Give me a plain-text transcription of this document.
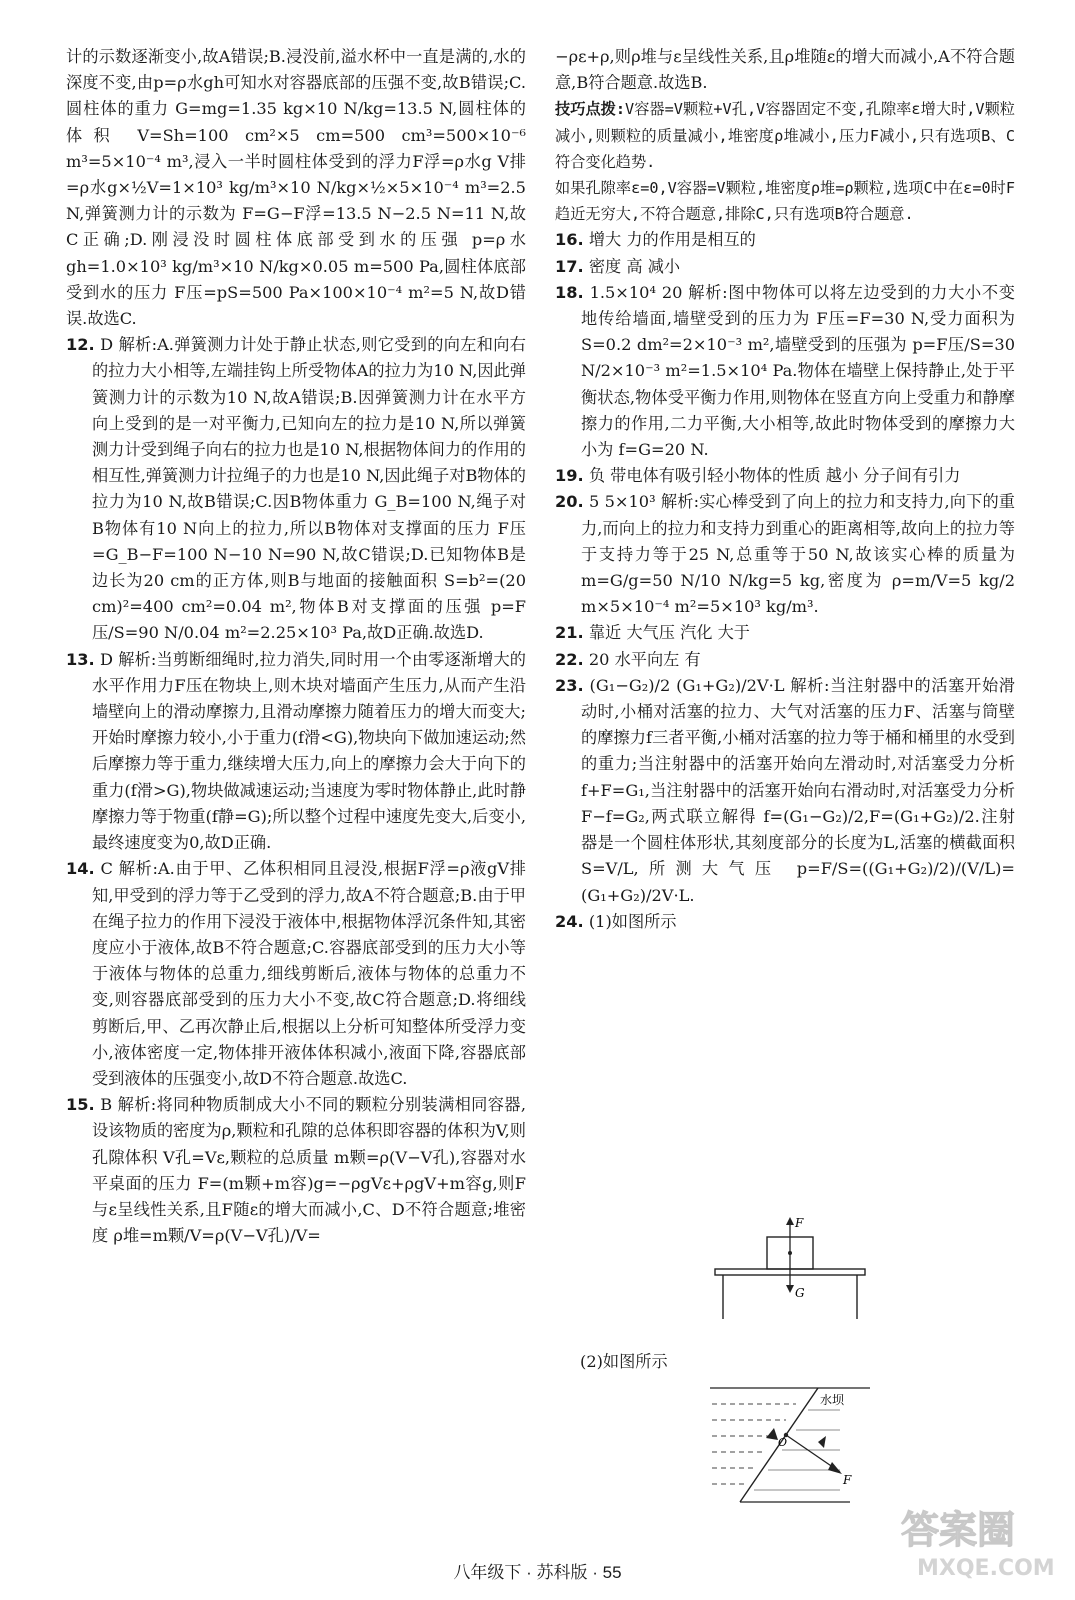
计的示数逐渐变小,故A错误;B.浸没前,溢水杯中一直是满的,水的深度不变,由p=ρ水gh可知水对容器底部的压强不变,故B错误;C.圆柱体的重力 G=mg=1.35 kg×10 N/kg=13.5 N,圆柱体的体积 V=Sh=100 cm²×5 cm=500 cm³=500×10⁻⁶ m³=5×10⁻⁴ m³,浸入一半时圆柱体受到的浮力F浮=ρ水g V排=ρ水g×½V=1×10³ kg/m³×10 N/kg×½×5×10⁻⁴ m³=2.5 N,弹簧测力计的示数为 F=G−F浮=13.5 N−2.5 N=11 N,故C正确;D.刚浸没时圆柱体底部受到水的压强 p=ρ水gh=1.0×10³ kg/m³×10 N/kg×0.05 m=500 Pa,圆柱体底部受到水的压力 F压=pS=500 Pa×100×10⁻⁴ m²=5 N,故D错误.故选C.

12. D 解析:A.弹簧测力计处于静止状态,则它受到的向左和向右的拉力大小相等,左端挂钩上所受物体A的拉力为10 N,因此弹簧测力计的示数为10 N,故A错误;B.因弹簧测力计在水平方向上受到的是一对平衡力,已知向左的拉力是10 N,所以弹簧测力计受到绳子向右的拉力也是10 N,根据物体间力的作用的相互性,弹簧测力计拉绳子的力也是10 N,因此绳子对B物体的拉力为10 N,故B错误;C.因B物体重力 G_B=100 N,绳子对B物体有10 N向上的拉力,所以B物体对支撑面的压力 F压=G_B−F=100 N−10 N=90 N,故C错误;D.已知物体B是边长为20 cm的正方体,则B与地面的接触面积 S=b²=(20 cm)²=400 cm²=0.04 m²,物体B对支撑面的压强 p=F压/S=90 N/0.04 m²=2.25×10³ Pa,故D正确.故选D.

13. D 解析:当剪断细绳时,拉力消失,同时用一个由零逐渐增大的水平作用力F压在物块上,则木块对墙面产生压力,从而产生沿墙壁向上的滑动摩擦力,且滑动摩擦力随着压力的增大而变大;开始时摩擦力较小,小于重力(f滑<G),物块向下做加速运动;然后摩擦力等于重力,继续增大压力,向上的摩擦力会大于向下的重力(f滑>G),物块做减速运动;当速度为零时物体静止,此时静摩擦力等于物重(f静=G);所以整个过程中速度先变大,后变小,最终速度变为0,故D正确.

14. C 解析:A.由于甲、乙体积相同且浸没,根据F浮=ρ液gV排知,甲受到的浮力等于乙受到的浮力,故A不符合题意;B.由于甲在绳子拉力的作用下浸没于液体中,根据物体浮沉条件知,其密度应小于液体,故B不符合题意;C.容器底部受到的压力大小等于液体与物体的总重力,细线剪断后,液体与物体的总重力不变,则容器底部受到的压力大小不变,故C符合题意;D.将细线剪断后,甲、乙再次静止后,根据以上分析可知整体所受浮力变小,液体密度一定,物体排开液体体积减小,液面下降,容器底部受到液体的压强变小,故D不符合题意.故选C.

15. B 解析:将同种物质制成大小不同的颗粒分别装满相同容器,设该物质的密度为ρ,颗粒和孔隙的总体积即容器的体积为V,则孔隙体积 V孔=Vε,颗粒的总质量 m颗=ρ(V−V孔),容器对水平桌面的压力 F=(m颗+m容)g=−ρgVε+ρgV+m容g,则F与ε呈线性关系,且F随ε的增大而减小,C、D不符合题意;堆密度 ρ堆=m颗/V=ρ(V−V孔)/V=

−ρε+ρ,则ρ堆与ε呈线性关系,且ρ堆随ε的增大而减小,A不符合题意,B符合题意.故选B.

技巧点拨:V容器=V颗粒+V孔,V容器固定不变,孔隙率ε增大时,V颗粒减小,则颗粒的质量减小,堆密度ρ堆减小,压力F减小,只有选项B、C符合变化趋势.

如果孔隙率ε=0,V容器=V颗粒,堆密度ρ堆=ρ颗粒,选项C中在ε=0时F趋近无穷大,不符合题意,排除C,只有选项B符合题意.

16. 增大 力的作用是相互的

17. 密度 高 减小

18. 1.5×10⁴ 20 解析:图中物体可以将左边受到的力大小不变地传给墙面,墙壁受到的压力为 F压=F=30 N,受力面积为 S=0.2 dm²=2×10⁻³ m²,墙壁受到的压强为 p=F压/S=30 N/2×10⁻³ m²=1.5×10⁴ Pa.物体在墙壁上保持静止,处于平衡状态,物体受平衡力作用,则物体在竖直方向上受重力和静摩擦力的作用,二力平衡,大小相等,故此时物体受到的摩擦力大小为 f=G=20 N.

19. 负 带电体有吸引轻小物体的性质 越小 分子间有引力

20. 5 5×10³ 解析:实心棒受到了向上的拉力和支持力,向下的重力,而向上的拉力和支持力到重心的距离相等,故向上的拉力等于支持力等于25 N,总重等于50 N,故该实心棒的质量为 m=G/g=50 N/10 N/kg=5 kg,密度为 ρ=m/V=5 kg/2 m×5×10⁻⁴ m²=5×10³ kg/m³.

21. 靠近 大气压 汽化 大于

22. 20 水平向左 有

23. (G₁−G₂)/2 (G₁+G₂)/2V·L 解析:当注射器中的活塞开始滑动时,小桶对活塞的拉力、大气对活塞的压力F、活塞与筒壁的摩擦力f三者平衡,小桶对活塞的拉力等于桶和桶里的水受到的重力;当注射器中的活塞开始向左滑动时,对活塞受力分析 f+F=G₁,当注射器中的活塞开始向右滑动时,对活塞受力分析 F−f=G₂,两式联立解得 f=(G₁−G₂)/2,F=(G₁+G₂)/2.注射器是一个圆柱体形状,其刻度部分的长度为L,活塞的横截面积 S=V/L,所测大气压 p=F/S=((G₁+G₂)/2)/(V/L)=(G₁+G₂)/2V·L.

24. (1)如图所示

F
G
(2)如图所示
水坝
O
F
答案圈
MXQE.COM
八年级下 · 苏科版 · 55
